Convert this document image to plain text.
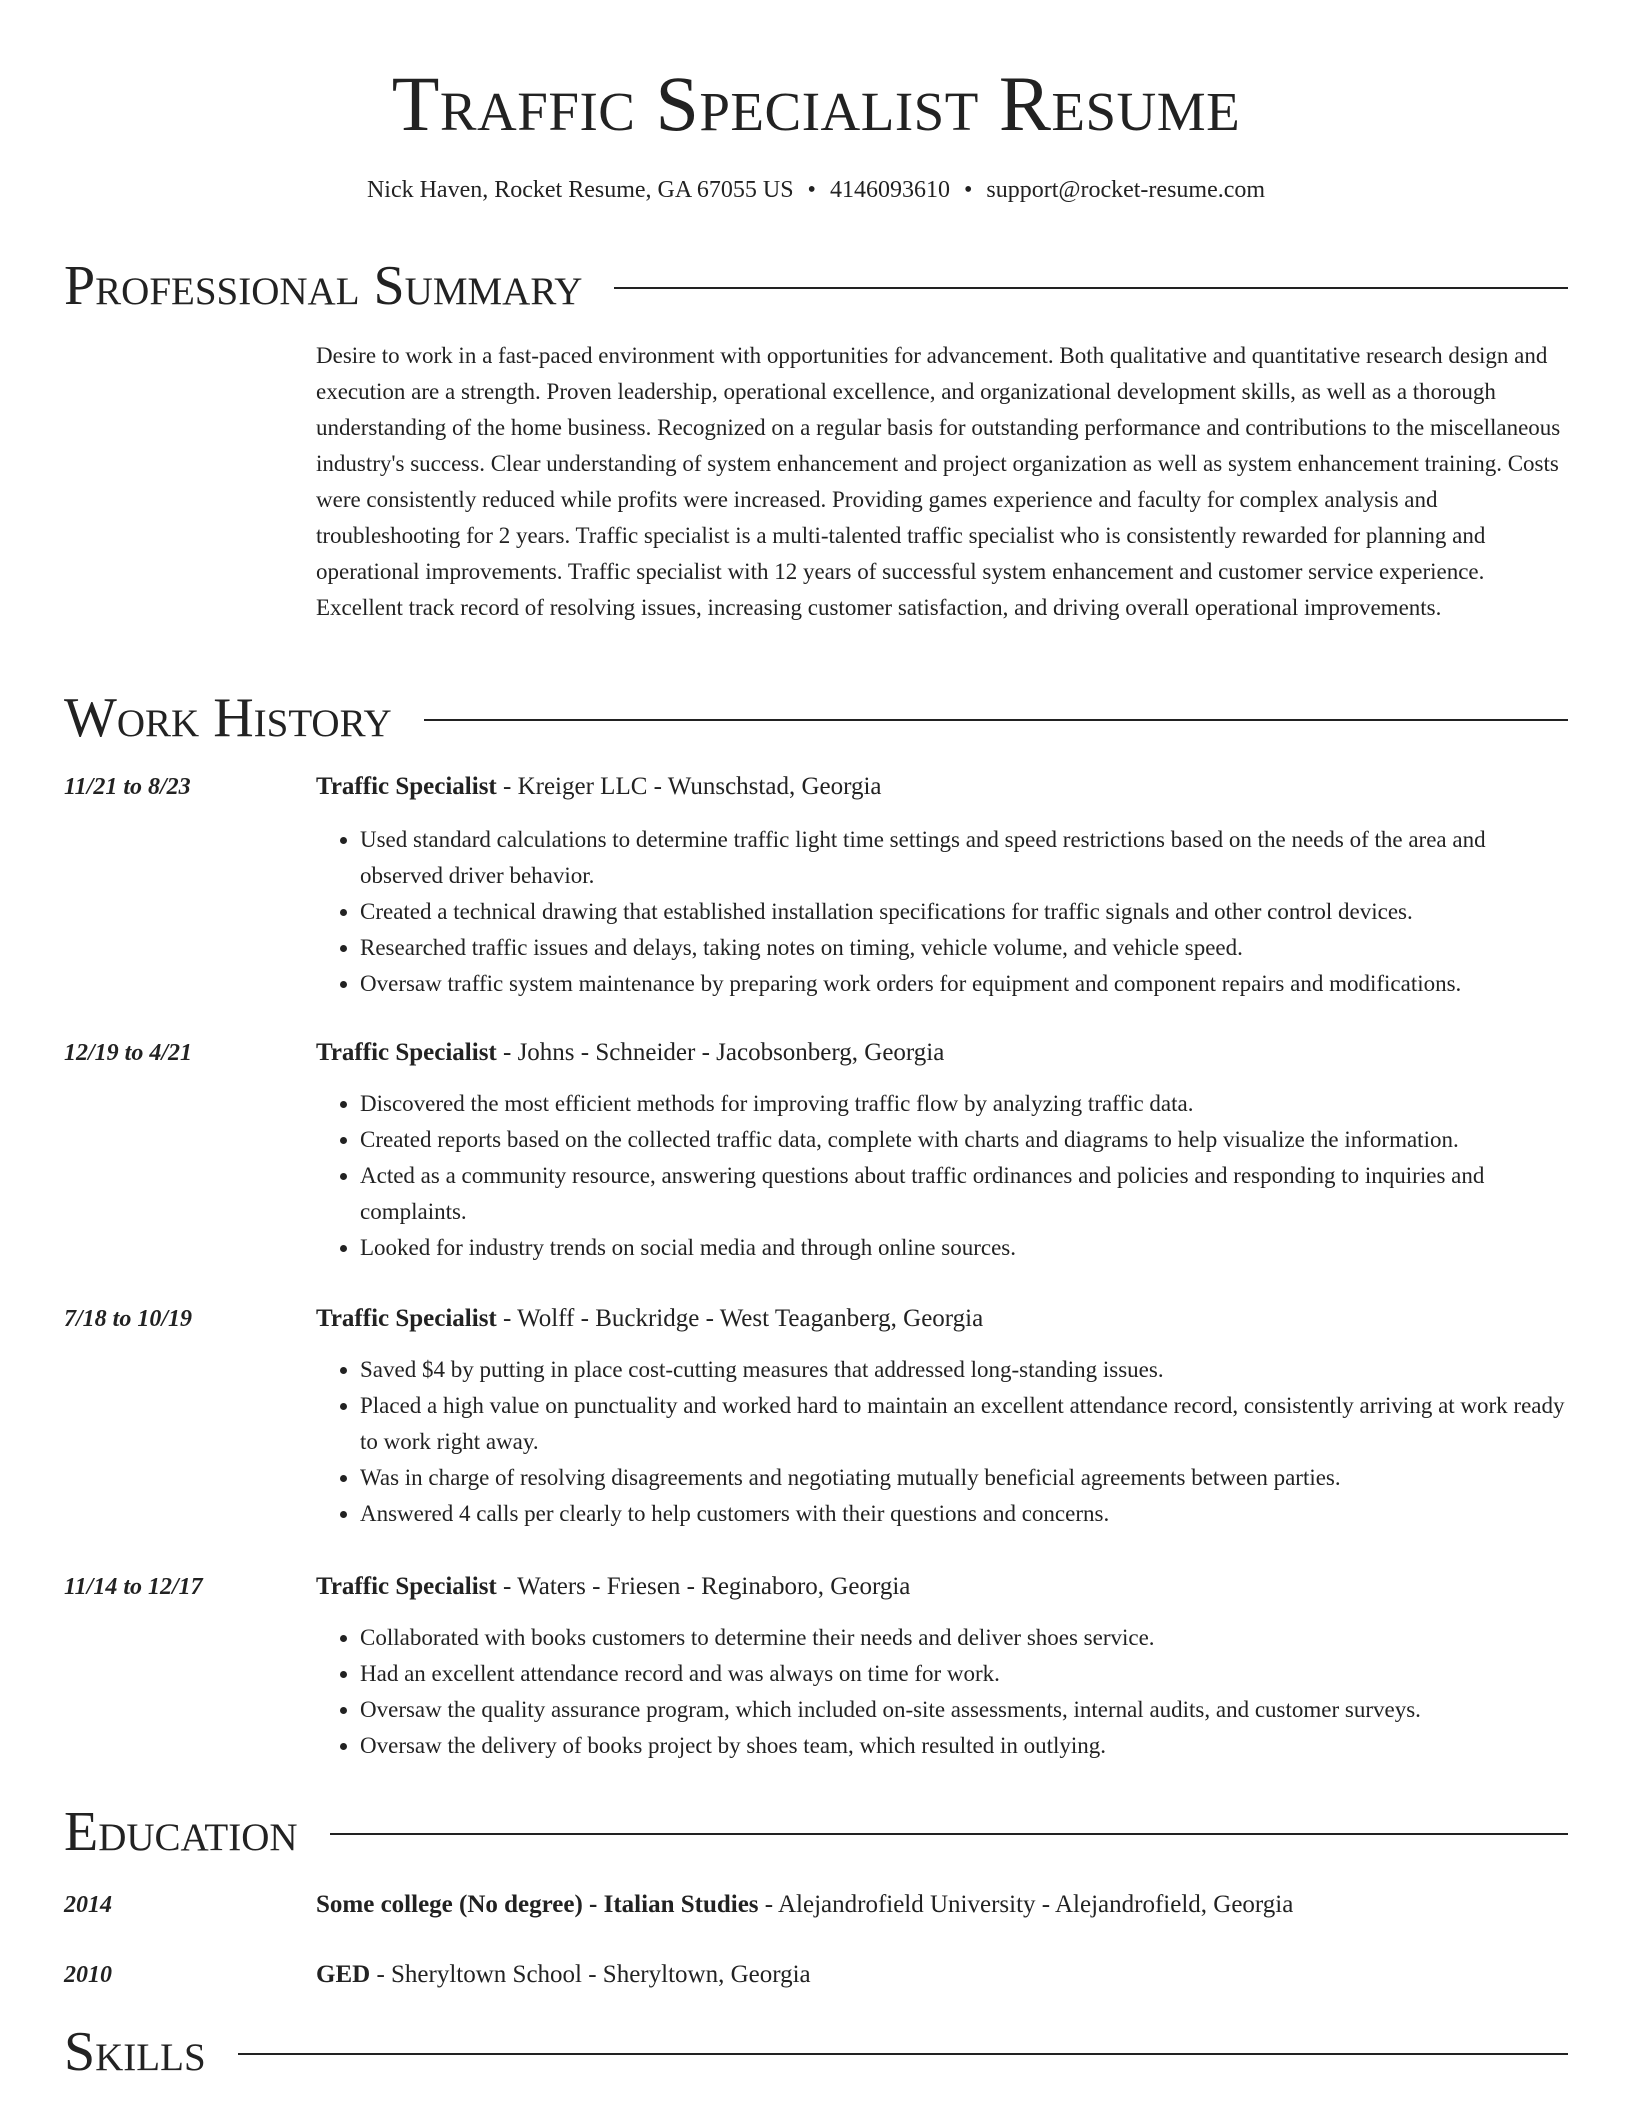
Traffic Specialist Resume

Nick Haven, Rocket Resume, GA 67055 US • 4146093610 • support@rocket-resume.com

Professional Summary

Desire to work in a fast-paced environment with opportunities for advancement. Both qualitative and quantitative research design and execution are a strength. Proven leadership, operational excellence, and organizational development skills, as well as a thorough understanding of the home business. Recognized on a regular basis for outstanding performance and contributions to the miscellaneous industry's success. Clear understanding of system enhancement and project organization as well as system enhancement training. Costs were consistently reduced while profits were increased. Providing games experience and faculty for complex analysis and troubleshooting for 2 years. Traffic specialist is a multi-talented traffic specialist who is consistently rewarded for planning and operational improvements. Traffic specialist with 12 years of successful system enhancement and customer service experience. Excellent track record of resolving issues, increasing customer satisfaction, and driving overall operational improvements.

Work History
11/21 to 8/23	Traffic Specialist - Kreiger LLC - Wunschstad, Georgia
• Used standard calculations to determine traffic light time settings and speed restrictions based on the needs of the area and observed driver behavior.
• Created a technical drawing that established installation specifications for traffic signals and other control devices.
• Researched traffic issues and delays, taking notes on timing, vehicle volume, and vehicle speed.
• Oversaw traffic system maintenance by preparing work orders for equipment and component repairs and modifications.
12/19 to 4/21	Traffic Specialist - Johns - Schneider - Jacobsonberg, Georgia
• Discovered the most efficient methods for improving traffic flow by analyzing traffic data.
• Created reports based on the collected traffic data, complete with charts and diagrams to help visualize the information.
• Acted as a community resource, answering questions about traffic ordinances and policies and responding to inquiries and complaints.
• Looked for industry trends on social media and through online sources.
7/18 to 10/19	Traffic Specialist - Wolff - Buckridge - West Teaganberg, Georgia
• Saved $4 by putting in place cost-cutting measures that addressed long-standing issues.
• Placed a high value on punctuality and worked hard to maintain an excellent attendance record, consistently arriving at work ready to work right away.
• Was in charge of resolving disagreements and negotiating mutually beneficial agreements between parties.
• Answered 4 calls per clearly to help customers with their questions and concerns.
11/14 to 12/17	Traffic Specialist - Waters - Friesen - Reginaboro, Georgia
• Collaborated with books customers to determine their needs and deliver shoes service.
• Had an excellent attendance record and was always on time for work.
• Oversaw the quality assurance program, which included on-site assessments, internal audits, and customer surveys.
• Oversaw the delivery of books project by shoes team, which resulted in outlying.
Education
2014	Some college (No degree) - Italian Studies - Alejandrofield University - Alejandrofield, Georgia
2010	GED - Sheryltown School - Sheryltown, Georgia
Skills
